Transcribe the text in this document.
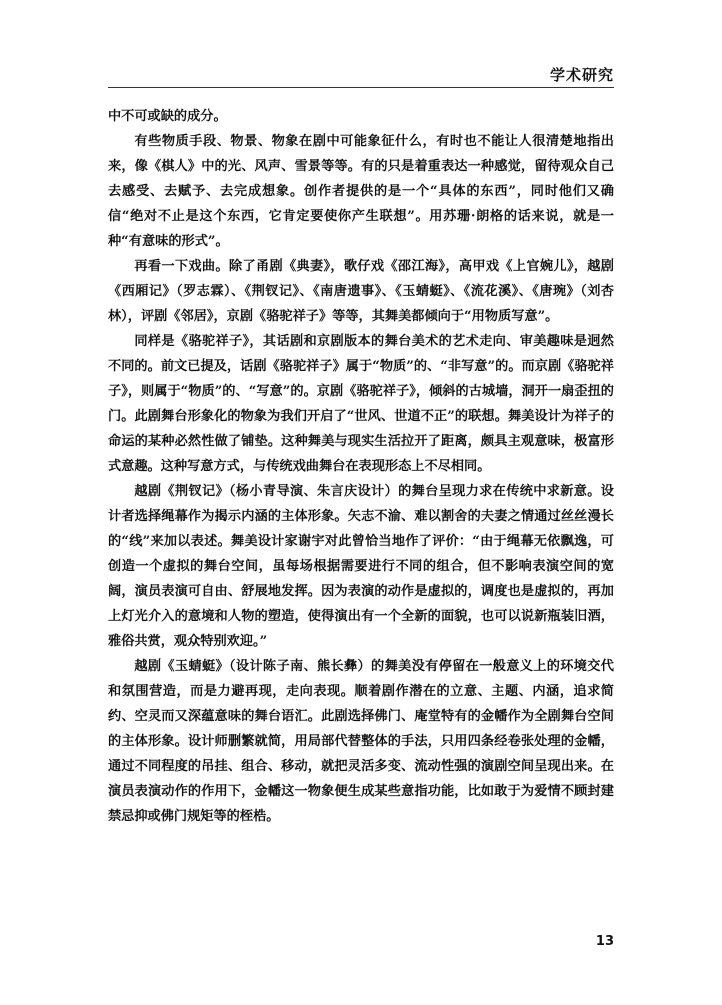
学术研究

中不可或缺的成分。

有些物质手段、物景、物象在剧中可能象征什么，有时也不能让人很清楚地指出来，像《棋人》中的光、风声、雪景等等。有的只是着重表达一种感觉，留待观众自己去感受、去赋予、去完成想象。创作者提供的是一个“具体的东西”，同时他们又确信“绝对不止是这个东西，它肯定要使你产生联想”。用苏珊·朗格的话来说，就是一种“有意味的形式”。

再看一下戏曲。除了甬剧《典妻》，歌仔戏《邵江海》，高甲戏《上官婉儿》，越剧《西厢记》（罗志霖）、《荆钗记》、《南唐遗事》、《玉蜻蜓》、《流花溪》、《唐琬》（刘杏林），评剧《邻居》，京剧《骆驼祥子》等等，其舞美都倾向于“用物质写意”。

同样是《骆驼祥子》，其话剧和京剧版本的舞台美术的艺术走向、审美趣味是迥然不同的。前文已提及，话剧《骆驼祥子》属于“物质”的、“非写意”的。而京剧《骆驼祥子》，则属于“物质”的、“写意”的。京剧《骆驼祥子》，倾斜的古城墙，洞开一扇歪扭的门。此剧舞台形象化的物象为我们开启了“世风、世道不正”的联想。舞美设计为祥子的命运的某种必然性做了铺垫。这种舞美与现实生活拉开了距离，颇具主观意味，极富形式意趣。这种写意方式，与传统戏曲舞台在表现形态上不尽相同。

越剧《荆钗记》（杨小青导演、朱言庆设计）的舞台呈现力求在传统中求新意。设计者选择绳幕作为揭示内涵的主体形象。矢志不渝、难以割舍的夫妻之情通过丝丝漫长的“线”来加以表述。舞美设计家谢宇对此曾恰当地作了评价：“由于绳幕无依飘逸，可创造一个虚拟的舞台空间，虽每场根据需要进行不同的组合，但不影响表演空间的宽阔，演员表演可自由、舒展地发挥。因为表演的动作是虚拟的，调度也是虚拟的，再加上灯光介入的意境和人物的塑造，使得演出有一个全新的面貌，也可以说新瓶装旧酒，雅俗共赏，观众特别欢迎。”

越剧《玉蜻蜓》（设计陈子南、熊长彝）的舞美没有停留在一般意义上的环境交代和氛围营造，而是力避再现，走向表现。顺着剧作潜在的立意、主题、内涵，追求简约、空灵而又深蕴意味的舞台语汇。此剧选择佛门、庵堂特有的金幡作为全剧舞台空间的主体形象。设计师删繁就简，用局部代替整体的手法，只用四条经卷张处理的金幡，通过不同程度的吊挂、组合、移动，就把灵活多变、流动性强的演剧空间呈现出来。在演员表演动作的作用下，金幡这一物象便生成某些意指功能，比如敢于为爱情不顾封建禁忌抑或佛门规矩等的桎梏。

13
